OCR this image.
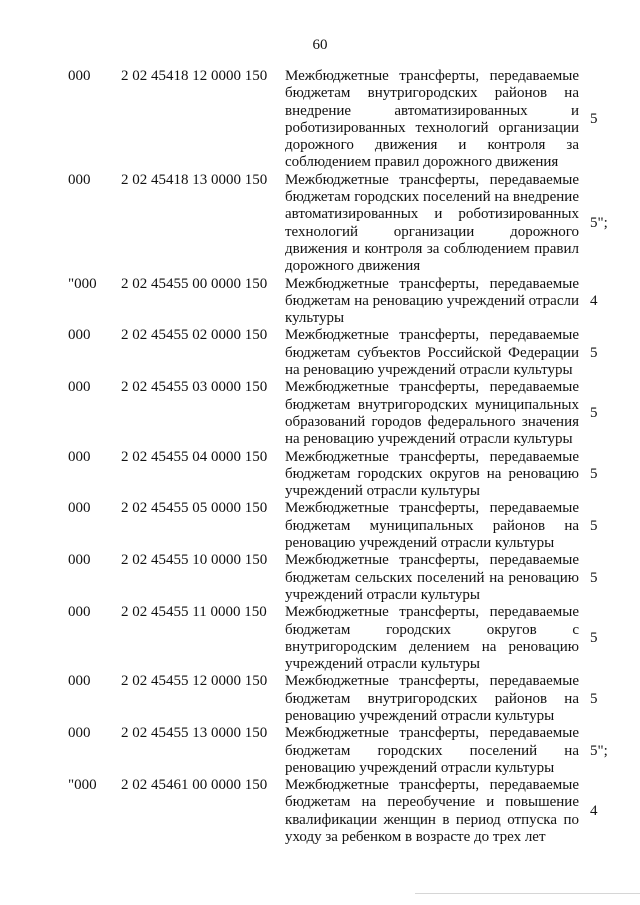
60
000 2 02 45418 12 0000 150 Межбюджетные трансферты, передаваемые бюджетам внутригородских районов на внедрение автоматизированных и роботизированных технологий организации дорожного движения и контроля за соблюдением правил дорожного движения
5
000 2 02 45418 13 0000 150 Межбюджетные трансферты, передаваемые бюджетам городских поселений на внедрение автоматизированных и роботизированных технологий организации дорожного движения и контроля за соблюдением правил дорожного движения
5";
"000 2 02 45455 00 0000 150 Межбюджетные трансферты, передаваемые бюджетам на реновацию учреждений отрасли культуры
4
000 2 02 45455 02 0000 150 Межбюджетные трансферты, передаваемые бюджетам субъектов Российской Федерации на реновацию учреждений отрасли культуры
5
000 2 02 45455 03 0000 150 Межбюджетные трансферты, передаваемые бюджетам внутригородских муниципальных образований городов федерального значения на реновацию учреждений отрасли культуры
5
000 2 02 45455 04 0000 150 Межбюджетные трансферты, передаваемые бюджетам городских округов на реновацию учреждений отрасли культуры
5
000 2 02 45455 05 0000 150 Межбюджетные трансферты, передаваемые бюджетам муниципальных районов на реновацию учреждений отрасли культуры
5
000 2 02 45455 10 0000 150 Межбюджетные трансферты, передаваемые бюджетам сельских поселений на реновацию учреждений отрасли культуры
5
000 2 02 45455 11 0000 150 Межбюджетные трансферты, передаваемые бюджетам городских округов с внутригородским делением на реновацию учреждений отрасли культуры
5
000 2 02 45455 12 0000 150 Межбюджетные трансферты, передаваемые бюджетам внутригородских районов на реновацию учреждений отрасли культуры
5
000 2 02 45455 13 0000 150 Межбюджетные трансферты, передаваемые бюджетам городских поселений на реновацию учреждений отрасли культуры
5";
"000 2 02 45461 00 0000 150 Межбюджетные трансферты, передаваемые бюджетам на переобучение и повышение квалификации женщин в период отпуска по уходу за ребенком в возрасте до трех лет
4
